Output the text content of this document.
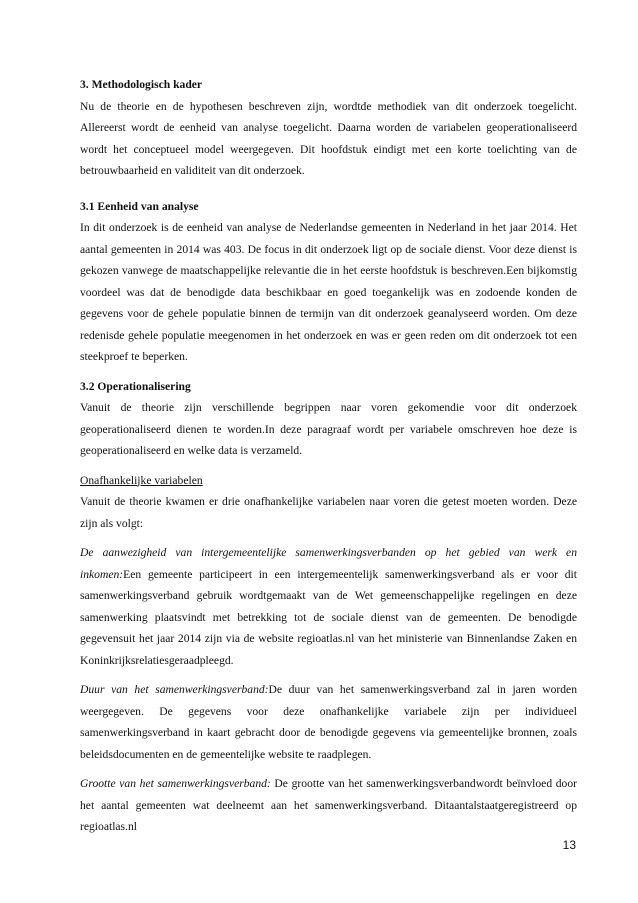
3. Methodologisch kader

Nu de theorie en de hypothesen beschreven zijn, wordtde methodiek van dit onderzoek toegelicht. Allereerst wordt de eenheid van analyse toegelicht. Daarna worden de variabelen geoperationaliseerd wordt het conceptueel model weergegeven. Dit hoofdstuk eindigt met een korte toelichting van de betrouwbaarheid en validiteit van dit onderzoek.

3.1 Eenheid van analyse

In dit onderzoek is de eenheid van analyse de Nederlandse gemeenten in Nederland in het jaar 2014. Het aantal gemeenten in 2014 was 403. De focus in dit onderzoek ligt op de sociale dienst. Voor deze dienst is gekozen vanwege de maatschappelijke relevantie die in het eerste hoofdstuk is beschreven.Een bijkomstig voordeel was dat de benodigde data beschikbaar en goed toegankelijk was en zodoende konden de gegevens voor de gehele populatie binnen de termijn van dit onderzoek geanalyseerd worden. Om deze redenisde gehele populatie meegenomen in het onderzoek en was er geen reden om dit onderzoek tot een steekproef te beperken.

3.2 Operationalisering

Vanuit de theorie zijn verschillende begrippen naar voren gekomendie voor dit onderzoek geoperationaliseerd dienen te worden.In deze paragraaf wordt per variabele omschreven hoe deze is geoperationaliseerd en welke data is verzameld.

Onafhankelijke variabelen

Vanuit de theorie kwamen er drie onafhankelijke variabelen naar voren die getest moeten worden. Deze zijn als volgt:

De aanwezigheid van intergemeentelijke samenwerkingsverbanden op het gebied van werk en inkomen:Een gemeente participeert in een intergemeentelijk samenwerkingsverband als er voor dit samenwerkingsverband gebruik wordtgemaakt van de Wet gemeenschappelijke regelingen en deze samenwerking plaatsvindt met betrekking tot de sociale dienst van de gemeenten. De benodigde gegevensuit het jaar 2014 zijn via de website regioatlas.nl van het ministerie van Binnenlandse Zaken en Koninkrijksrelatiesgeraadpleegd.

Duur van het samenwerkingsverband:De duur van het samenwerkingsverband zal in jaren worden weergegeven. De gegevens voor deze onafhankelijke variabele zijn per individueel samenwerkingsverband in kaart gebracht door de benodigde gegevens via gemeentelijke bronnen, zoals beleidsdocumenten en de gemeentelijke website te raadplegen.

Grootte van het samenwerkingsverband: De grootte van het samenwerkingsverbandwordt beïnvloed door het aantal gemeenten wat deelneemt aan het samenwerkingsverband. Ditaantalstaatgeregistreerd op regioatlas.nl

13
